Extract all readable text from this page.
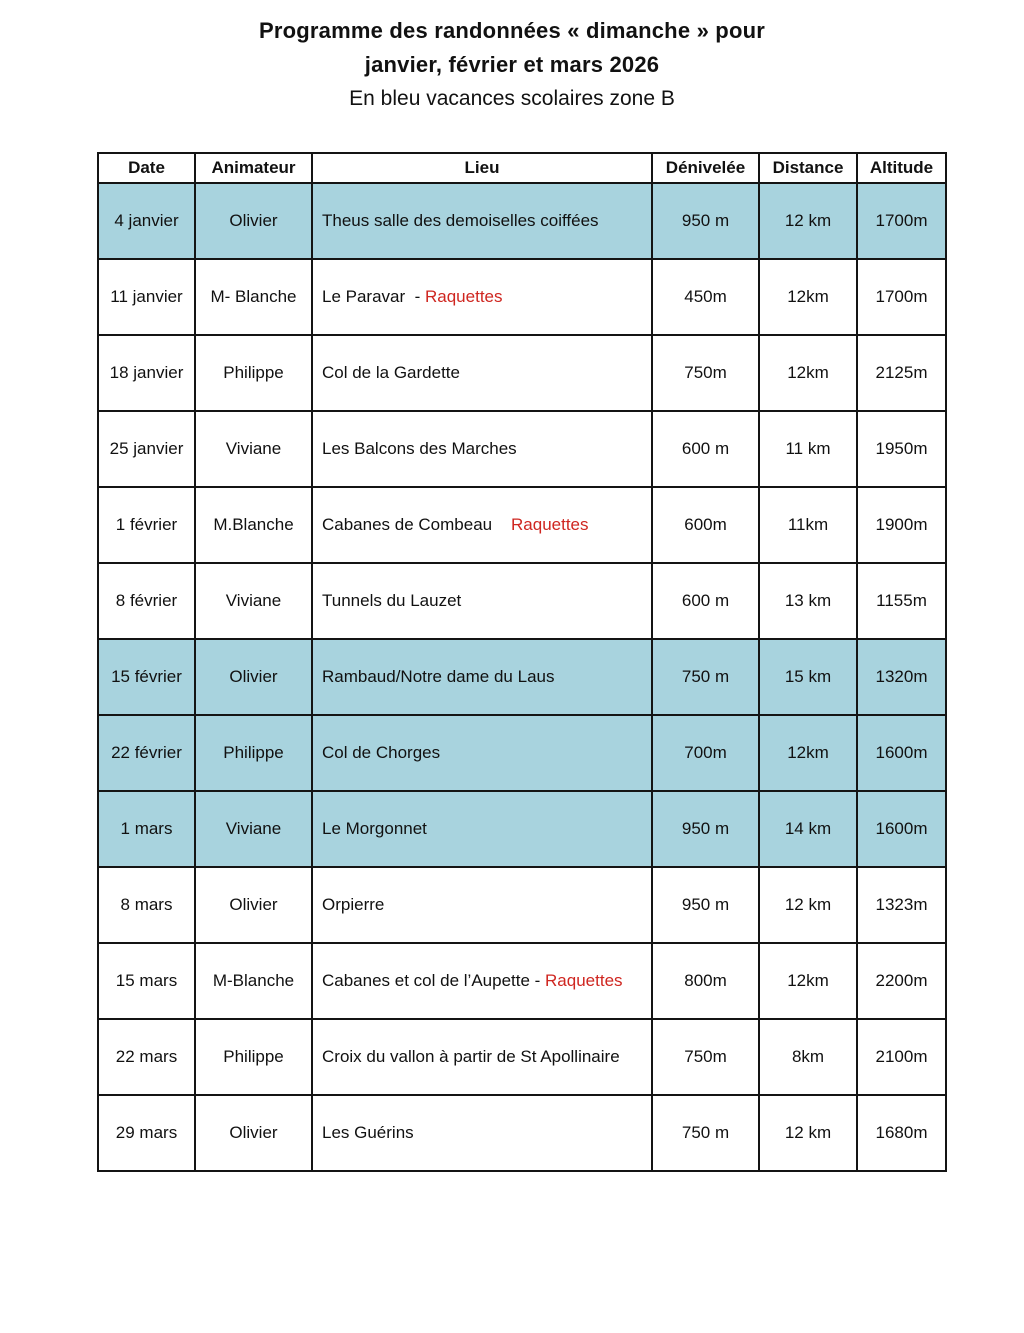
Programme des randonnées « dimanche » pour
janvier, février et mars 2026
En bleu vacances scolaires zone B
Date	Animateur	Lieu	Dénivelée	Distance	Altitude
4 janvier	Olivier	Theus salle des demoiselles coiffées	950 m	12 km	1700m
11 janvier	M- Blanche	Le Paravar  - Raquettes	450m	12km	1700m
18 janvier	Philippe	Col de la Gardette	750m	12km	2125m
25 janvier	Viviane	Les Balcons des Marches	600 m	11 km	1950m
1 février	M.Blanche	Cabanes de Combeau    Raquettes	600m	11km	1900m
8 février	Viviane	Tunnels du Lauzet	600 m	13 km	1155m
15 février	Olivier	Rambaud/Notre dame du Laus	750 m	15 km	1320m
22 février	Philippe	Col de Chorges	700m	12km	1600m
1 mars	Viviane	Le Morgonnet	950 m	14 km	1600m
8 mars	Olivier	Orpierre	950 m	12 km	1323m
15 mars	M-Blanche	Cabanes et col de l’Aupette - Raquettes	800m	12km	2200m
22 mars	Philippe	Croix du vallon à partir de St Apollinaire	750m	8km	2100m
29 mars	Olivier	Les Guérins	750 m	12 km	1680m
